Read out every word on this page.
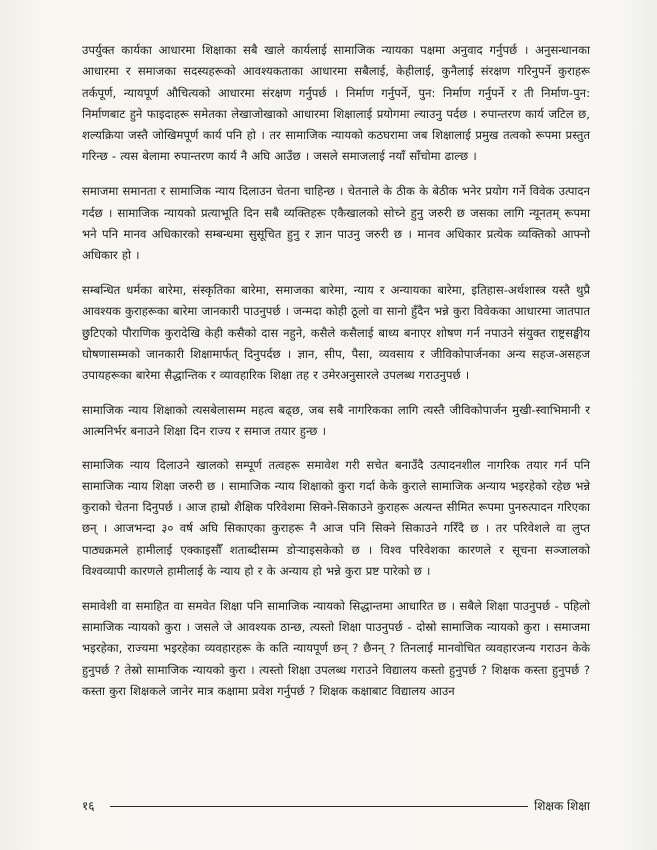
उपर्युक्त कार्यका आधारमा शिक्षाका सबै खाले कार्यलाई सामाजिक न्यायका पक्षमा अनुवाद गर्नुपर्छ । अनुसन्धानका आधारमा र समाजका सदस्यहरूको आवश्यकताका आधारमा सबैलाई, केहीलाई, कुनैलाई संरक्षण गरिनुपर्ने कुराहरू तर्कपूर्ण, न्यायपूर्ण औचित्यको आधारमा संरक्षण गर्नुपर्छ । निर्माण गर्नुपर्ने, पुन: निर्माण गर्नुपर्ने र ती निर्माण-पुन: निर्माणबाट हुने फाइदाहरू समेतका लेखाजोखाको आधारमा शिक्षालाई प्रयोगमा ल्याउनु पर्दछ । रुपान्तरण कार्य जटिल छ, शल्यक्रिया जस्तै जोखिमपूर्ण कार्य पनि हो । तर सामाजिक न्यायको कठघरामा जब शिक्षालाई प्रमुख तत्वको रूपमा प्रस्तुत गरिन्छ - त्यस बेलामा रुपान्तरण कार्य नै अघि आउँछ । जसले समाजलाई नयाँ साँचोमा ढाल्छ ।

समाजमा समानता र सामाजिक न्याय दिलाउन चेतना चाहिन्छ । चेतनाले के ठीक के बेठीक भनेर प्रयोग गर्ने विवेक उत्पादन गर्दछ । सामाजिक न्यायको प्रत्याभूति दिन सबै व्यक्तिहरू एकैखालको सोच्ने हुनु जरुरी छ जसका लागि न्यूनतम् रूपमा भने पनि मानव अधिकारको सम्बन्धमा सुसूचित हुनु र ज्ञान पाउनु जरुरी छ । मानव अधिकार प्रत्येक व्यक्तिको आफ्नो अधिकार हो ।

सम्बन्धित धर्मका बारेमा, संस्कृतिका बारेमा, समाजका बारेमा, न्याय र अन्यायका बारेमा, इतिहास-अर्थशास्त्र यस्तै थुप्रै आवश्यक कुराहरूका बारेमा जानकारी पाउनुपर्छ । जन्मदा कोही ठूलो वा सानो हुँदैन भन्ने कुरा विवेकका आधारमा जातपात छुटिएको पौराणिक कुरादेखि केही कसैको दास नहुने, कसैले कसैलाई बाध्य बनाएर शोषण गर्न नपाउने संयुक्त राष्ट्रसङ्घीय घोषणासम्मको जानकारी शिक्षामार्फत् दिनुपर्दछ । ज्ञान, सीप, पैसा, व्यवसाय र जीविकोपार्जनका अन्य सहज-असहज उपायहरूका बारेमा सैद्धान्तिक र व्यावहारिक शिक्षा तह र उमेरअनुसारले उपलब्ध गराउनुपर्छ ।

सामाजिक न्याय शिक्षाको त्यसबेलासम्म महत्व बढ्छ, जब सबै नागरिकका लागि त्यस्तै जीविकोपार्जन मुखी-स्वाभिमानी र आत्मनिर्भर बनाउने शिक्षा दिन राज्य र समाज तयार हुन्छ ।

सामाजिक न्याय दिलाउने खालको सम्पूर्ण तत्वहरू समावेश गरी सचेत बनाउँदै उत्पादनशील नागरिक तयार गर्न पनि सामाजिक न्याय शिक्षा जरुरी छ । सामाजिक न्याय शिक्षाको कुरा गर्दा केके कुराले सामाजिक अन्याय भइरहेको रहेछ भन्ने कुराको चेतना दिनुपर्छ । आज हाम्रो शैक्षिक परिवेशमा सिक्ने-सिकाउने कुराहरू अत्यन्त सीमित रूपमा पुनरुत्पादन गरिएका छन् । आजभन्दा ३० वर्ष अघि सिकाएका कुराहरू नै आज पनि सिक्ने सिकाउने गरिँदै छ । तर परिवेशले वा लुप्त पाठ्यक्रमले हामीलाई एक्काइसौँ शताब्दीसम्म डोऱ्याइसकेको छ । विश्व परिवेशका कारणले र सूचना सञ्जालको विश्वव्यापी कारणले हामीलाई के न्याय हो र के अन्याय हो भन्ने कुरा प्रष्ट पारेको छ ।

समावेशी वा समाहित वा समवेत शिक्षा पनि सामाजिक न्यायको सिद्धान्तमा आधारित छ । सबैले शिक्षा पाउनुपर्छ - पहिलो सामाजिक न्यायको कुरा । जसले जे आवश्यक ठान्छ, त्यस्तो शिक्षा पाउनुपर्छ - दोस्रो सामाजिक न्यायको कुरा । समाजमा भइरहेका, राज्यमा भइरहेका व्यवहारहरू के कति न्यायपूर्ण छन् ? छैनन् ? तिनलाई मानवोचित व्यवहारजन्य गराउन केके हुनुपर्छ ? तेस्रो सामाजिक न्यायको कुरा । त्यस्तो शिक्षा उपलब्ध गराउने विद्यालय कस्तो हुनुपर्छ ? शिक्षक कस्ता हुनुपर्छ ? कस्ता कुरा शिक्षकले जानेर मात्र कक्षामा प्रवेश गर्नुपर्छ ? शिक्षक कक्षाबाट विद्यालय आउन

१६	शिक्षक शिक्षा
